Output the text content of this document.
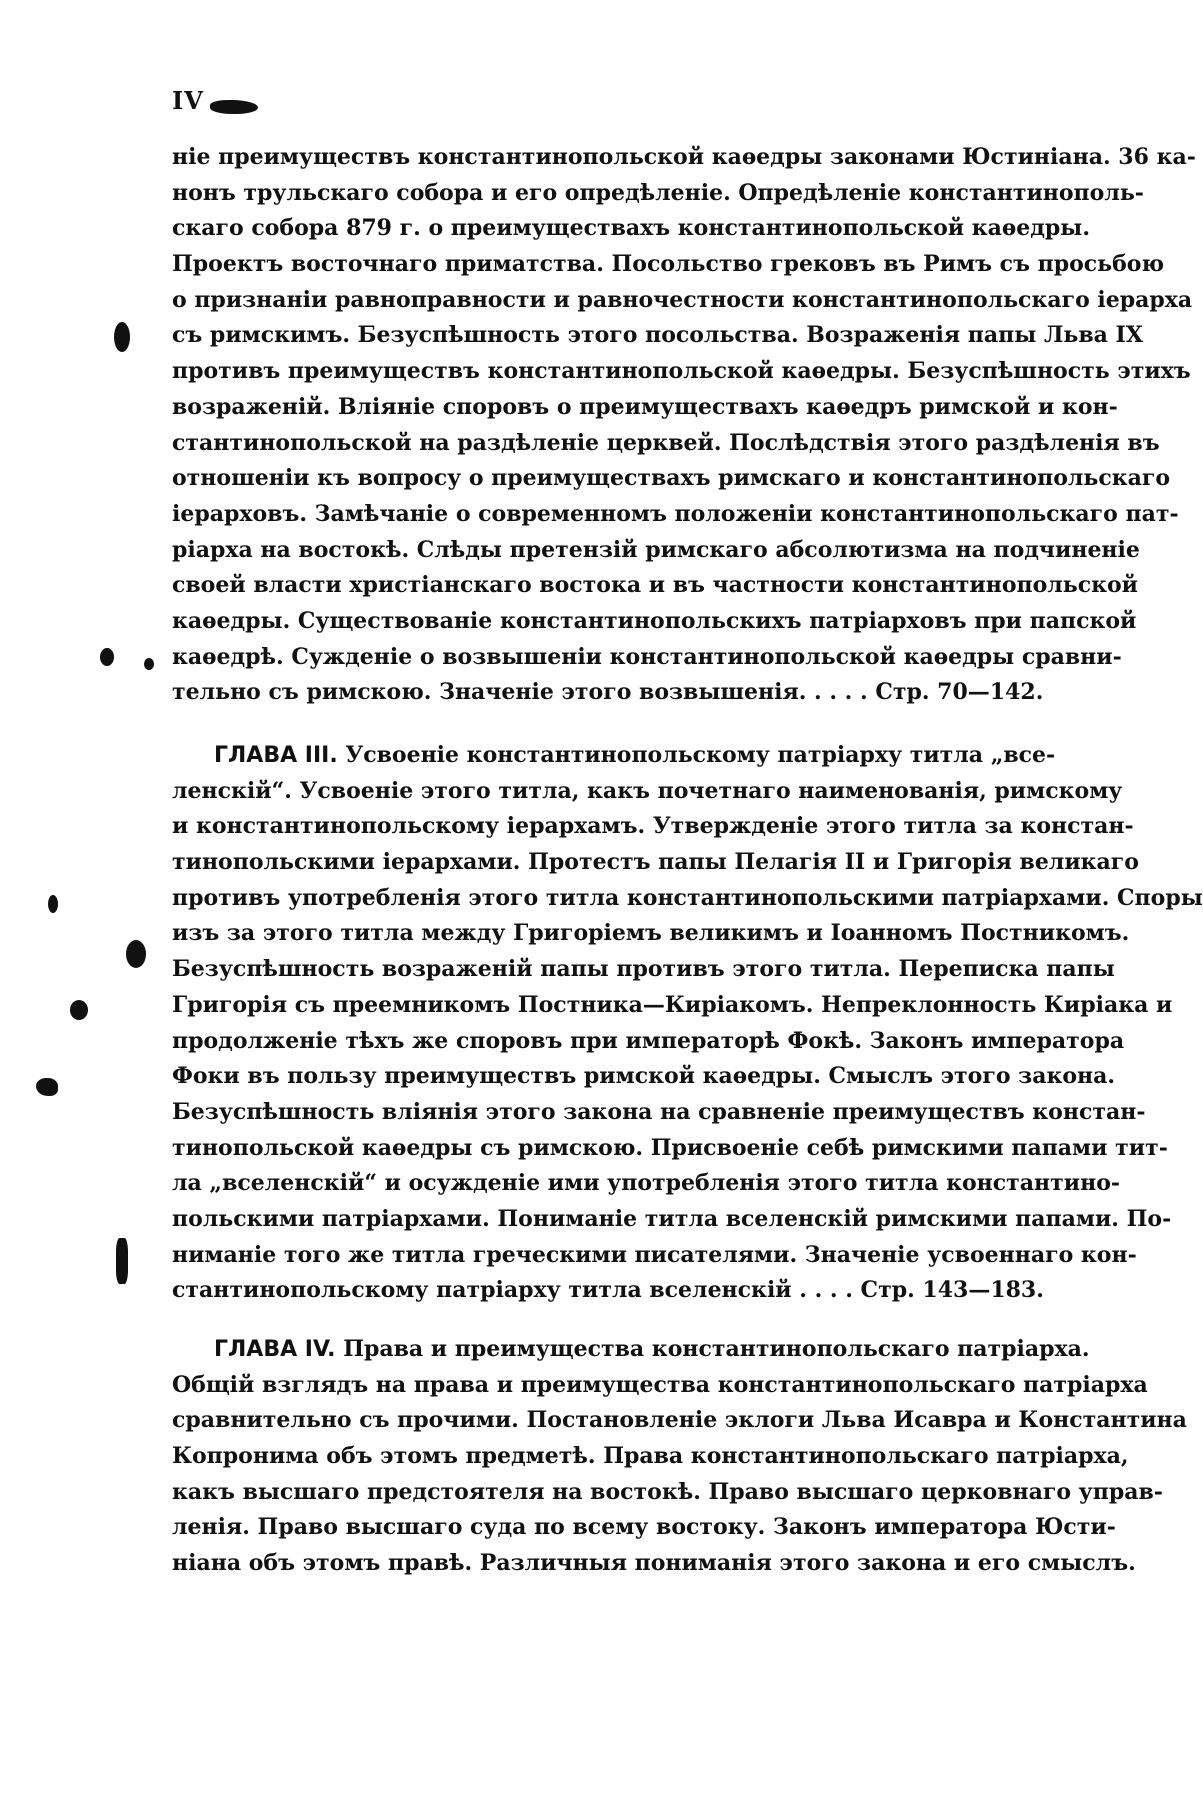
IV
ніе преимуществъ константинопольской каѳедры законами Юстиніана. 36 ка-
нонъ трульскаго собора и его опредѣленіе. Опредѣленіе константинополь-
скаго собора 879 г. о преимуществахъ константинопольской каѳедры.
Проектъ восточнаго приматства. Посольство грековъ въ Римъ съ просьбою
о признаніи равноправности и равночестности константинопольскаго іерарха
съ римскимъ. Безуспѣшность этого посольства. Возраженія папы Льва IX
противъ преимуществъ константинопольской каѳедры. Безуспѣшность этихъ
возраженій. Вліяніе споровъ о преимуществахъ каѳедръ римской и кон-
стантинопольской на раздѣленіе церквей. Послѣдствія этого раздѣленія въ
отношеніи къ вопросу о преимуществахъ римскаго и константинопольскаго
іерарховъ. Замѣчаніе о современномъ положеніи константинопольскаго пат-
ріарха на востокѣ. Слѣды претензій римскаго абсолютизма на подчиненіе
своей власти христіанскаго востока и въ частности константинопольской
каѳедры. Существованіе константинопольскихъ патріарховъ при папской
каѳедрѣ. Сужденіе о возвышеніи константинопольской каѳедры сравни-
тельно съ римскою. Значеніе этого возвышенія. . . . . Стр. 70—142.
ГЛАВА III. Усвоеніе константинопольскому патріарху титла „все-
ленскій“. Усвоеніе этого титла, какъ почетнаго наименованія, римскому
и константинопольскому іерархамъ. Утвержденіе этого титла за констан-
тинопольскими іерархами. Протестъ папы Пелагія II и Григорія великаго
противъ употребленія этого титла константинопольскими патріархами. Споры
изъ за этого титла между Григоріемъ великимъ и Іоанномъ Постникомъ.
Безуспѣшность возраженій папы противъ этого титла. Переписка папы
Григорія съ преемникомъ Постника—Киріакомъ. Непреклонность Киріака и
продолженіе тѣхъ же споровъ при императорѣ Фокѣ. Законъ императора
Фоки въ пользу преимуществъ римской каѳедры. Смыслъ этого закона.
Безуспѣшность вліянія этого закона на сравненіе преимуществъ констан-
тинопольской каѳедры съ римскою. Присвоеніе себѣ римскими папами тит-
ла „вселенскій“ и осужденіе ими употребленія этого титла константино-
польскими патріархами. Пониманіе титла вселенскій римскими папами. По-
ниманіе того же титла греческими писателями. Значеніе усвоеннаго кон-
стантинопольскому патріарху титла вселенскій . . . . Стр. 143—183.
ГЛАВА IV. Права и преимущества константинопольскаго патріарха.
Общій взглядъ на права и преимущества константинопольскаго патріарха
сравнительно съ прочими. Постановленіе эклоги Льва Исавра и Константина
Копронима объ этомъ предметѣ. Права константинопольскаго патріарха,
какъ высшаго предстоятеля на востокѣ. Право высшаго церковнаго управ-
ленія. Право высшаго суда по всему востоку. Законъ императора Юсти-
ніана объ этомъ правѣ. Различныя пониманія этого закона и его смыслъ.
